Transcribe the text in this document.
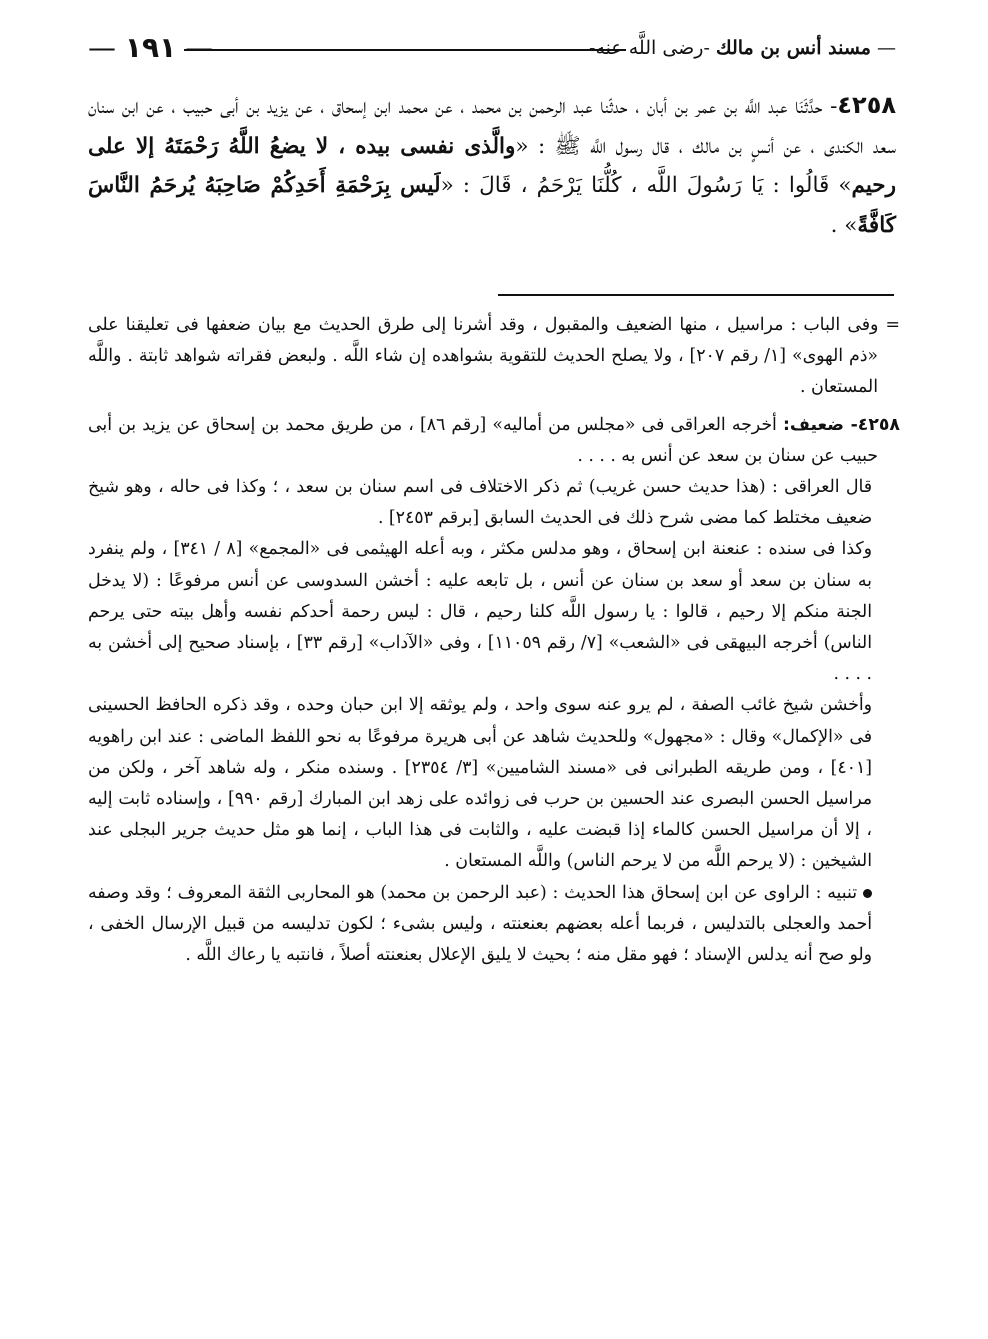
— ١٩١ —	— مسند أنس بن مالك -رضى اللَّه عنه-
٤٢٥٨- حدَّثَنَا عبد اللَّه بن عمر بن أبان ، حدثّنا عبد الرحمن بن محمد ، عن محمد ابن إسحاق ، عن يزيد بن أبى حبيب ، عن ابن سنان سعد الكندى ، عن أنسٍ بن مالك ، قال رسول اللَّه ﷺ : «والَّذى نفسى بيده ، لا يضعُ اللَّهُ رَحْمَتَهُ إلا على رحيم» قَالُوا : يَا رَسُولَ اللَّه ، كُلُّنَا يَرْحَمُ ، قَالَ : «لَيس بِرَحْمَةِ أَحَدِكُمْ صَاحِبَهُ يُرحَمُ النَّاسَ كَافَّةً» .

= وفى الباب : مراسيل ، منها الضعيف والمقبول ، وقد أشرنا إلى طرق الحديث مع بيان ضعفها فى تعليقنا على «ذم الهوى» [١/ رقم ٢٠٧] ، ولا يصلح الحديث للتقوية بشواهده إن شاء اللَّه . ولبعض فقراته شواهد ثابتة . واللَّه المستعان .

٤٢٥٨- ضعيف: أخرجه العراقى فى «مجلس من أماليه» [رقم ٨٦] ، من طريق محمد بن إسحاق عن يزيد بن أبى حبيب عن سنان بن سعد عن أنس به . . . .

قال العراقى : (هذا حديث حسن غريب) ثم ذكر الاختلاف فى اسم سنان بن سعد ، ؛ وكذا فى حاله ، وهو شيخ ضعيف مختلط كما مضى شرح ذلك فى الحديث السابق [برقم ٢٤٥٣] .

وكذا فى سنده : عنعنة ابن إسحاق ، وهو مدلس مكثر ، وبه أعله الهيثمى فى «المجمع» [٨ / ٣٤١] ، ولم ينفرد به سنان بن سعد أو سعد بن سنان عن أنس ، بل تابعه عليه : أخشن السدوسى عن أنس مرفوعًا : (لا يدخل الجنة منكم إلا رحيم ، قالوا : يا رسول اللَّه كلنا رحيم ، قال : ليس رحمة أحدكم نفسه وأهل بيته حتى يرحم الناس) أخرجه البيهقى فى «الشعب» [٧/ رقم ١١٠٥٩] ، وفى «الآداب» [رقم ٣٣] ، بإسناد صحيح إلى أخشن به . . . .

وأخشن شيخ غائب الصفة ، لم يرو عنه سوى واحد ، ولم يوثقه إلا ابن حبان وحده ، وقد ذكره الحافظ الحسينى فى «الإكمال» وقال : «مجهول» وللحديث شاهد عن أبى هريرة مرفوعًا به نحو اللفظ الماضى : عند ابن راهويه [٤٠١] ، ومن طريقه الطبرانى فى «مسند الشاميين» [٣/ ٢٣٥٤] . وسنده منكر ، وله شاهد آخر ، ولكن من مراسيل الحسن البصرى عند الحسين بن حرب فى زوائده على زهد ابن المبارك [رقم ٩٩٠] ، وإسناده ثابت إليه ، إلا أن مراسيل الحسن كالماء إذا قبضت عليه ، والثابت فى هذا الباب ، إنما هو مثل حديث جرير البجلى عند الشيخين : (لا يرحم اللَّه من لا يرحم الناس) واللَّه المستعان .

تنبيه : الراوى عن ابن إسحاق هذا الحديث : (عبد الرحمن بن محمد) هو المحاربى الثقة المعروف ؛ وقد وصفه أحمد والعجلى بالتدليس ، فربما أعله بعضهم بعنعنته ، وليس بشىء ؛ لكون تدليسه من قبيل الإرسال الخفى ، ولو صح أنه يدلس الإسناد ؛ فهو مقل منه ؛ بحيث لا يليق الإعلال بعنعنته أصلاً ، فانتبه يا رعاك اللَّه .
